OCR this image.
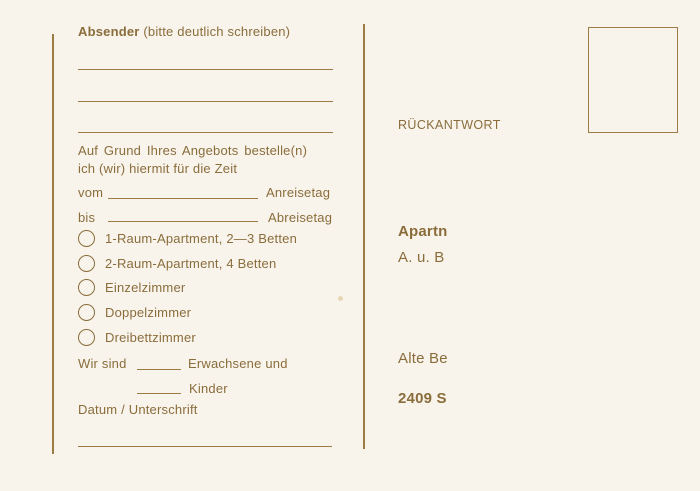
Absender (bitte deutlich schreiben)
Auf Grund Ihres Angebots bestelle(n)
ich (wir) hiermit für die Zeit
vom	Anreisetag
bis	Abreisetag
1-Raum-Apartment, 2—3 Betten
2-Raum-Apartment, 4 Betten
Einzelzimmer
Doppelzimmer
Dreibettzimmer
Wir sind	Erwachsene und
Kinder
Datum / Unterschrift
RÜCKANTWORT
Apartn
A. u. B
Alte Be
2409 S
